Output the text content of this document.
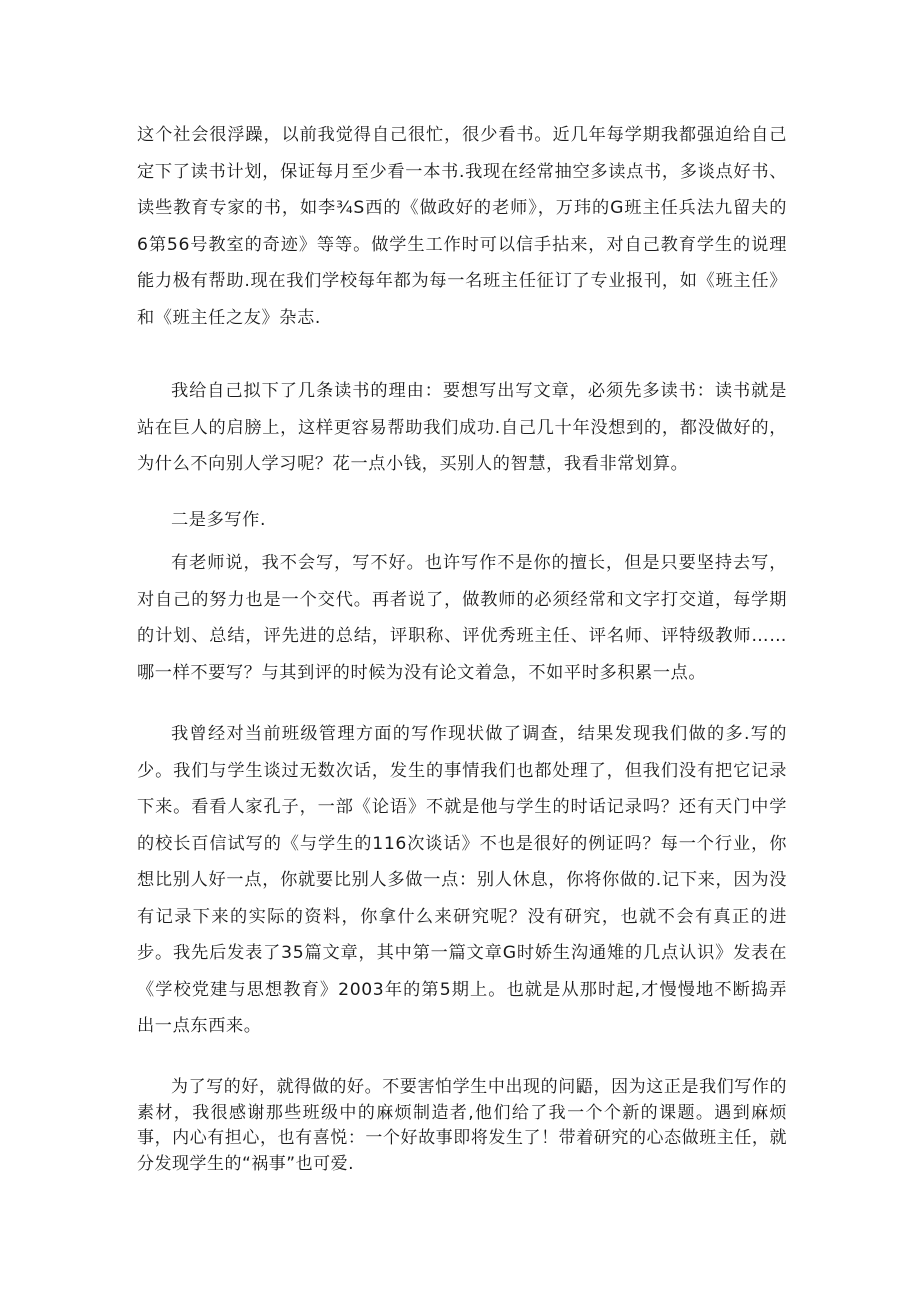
这个社会很浮躁，以前我觉得自己很忙，很少看书。近几年每学期我都强迫给自己定下了读书计划，保证每月至少看一本书.我现在经常抽空多读点书，多谈点好书、读些教育专家的书，如李¾S西的《做政好的老师》，万玮的G班主任兵法九留夫的6第56号教室的奇迹》等等。做学生工作时可以信手拈来，对自己教育学生的说理能力极有帮助.现在我们学校每年都为每一名班主任征订了专业报刊，如《班主任》和《班主任之友》杂志.

我给自己拟下了几条读书的理由：要想写出写文章，必须先多读书：读书就是站在巨人的启膀上，这样更容易帮助我们成功.自己几十年没想到的，都没做好的，为什么不向别人学习呢？花一点小钱，买别人的智慧，我看非常划算。

二是多写作.

有老师说，我不会写，写不好。也许写作不是你的擅长，但是只要坚持去写，对自己的努力也是一个交代。再者说了，做教师的必须经常和文字打交道，每学期的计划、总结，评先进的总结，评职称、评优秀班主任、评名师、评特级教师……哪一样不要写？与其到评的时候为没有论文着急，不如平时多积累一点。

我曾经对当前班级管理方面的写作现状做了调查，结果发现我们做的多.写的少。我们与学生谈过无数次话，发生的事情我们也都处理了，但我们没有把它记录下来。看看人家孔子，一部《论语》不就是他与学生的时话记录吗？还有天门中学的校长百信试写的《与学生的116次谈话》不也是很好的例证吗？每一个行业，你想比别人好一点，你就要比别人多做一点：别人休息，你将你做的.记下来，因为没有记录下来的实际的资料，你拿什么来研究呢？没有研究，也就不会有真正的进步。我先后发表了35篇文章，其中第一篇文章G时娇生沟通雉的几点认识》发表在《学校党建与思想教育》2003年的第5期上。也就是从那时起,才慢慢地不断捣弄出一点东西来。

为了写的好，就得做的好。不要害怕学生中出现的问鼯，因为这正是我们写作的素材，我很感谢那些班级中的麻烦制造者,他们给了我一个个新的课题。遇到麻烦事，内心有担心，也有喜悦：一个好故事即将发生了！带着研究的心态做班主任，就分发现学生的“祸事”也可爱.
